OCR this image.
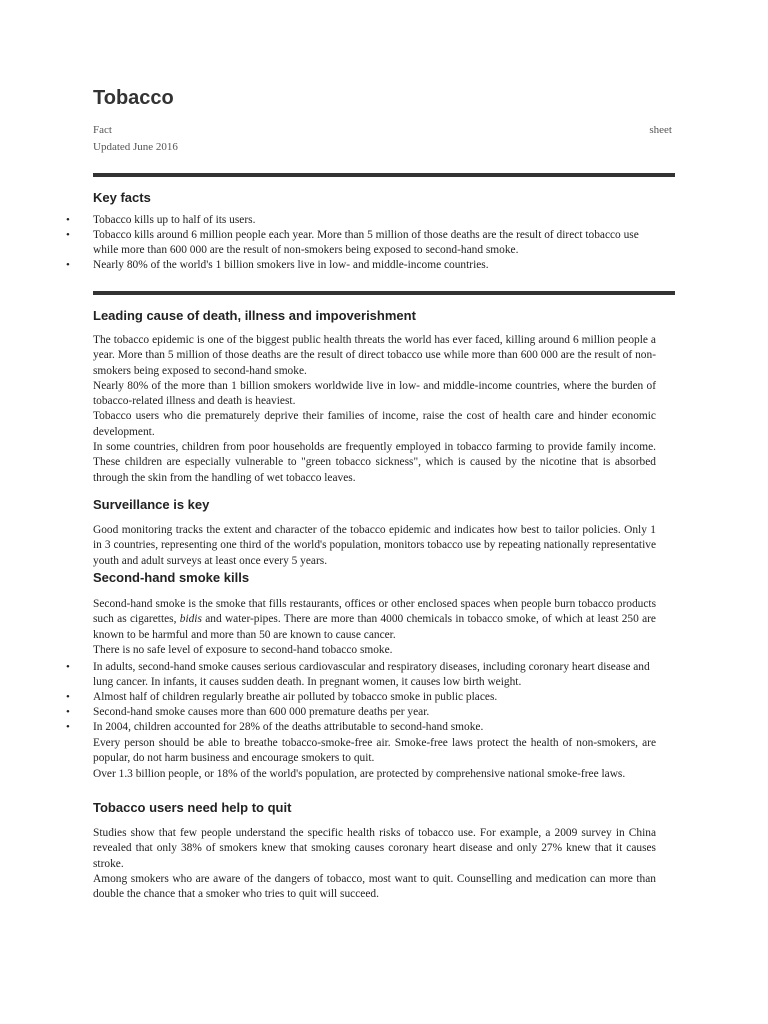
Tobacco
Fact	sheet
Updated June 2016
Key facts
• Tobacco kills up to half of its users.
• Tobacco kills around 6 million people each year. More than 5 million of those deaths are the result of direct tobacco use while more than 600 000 are the result of non-smokers being exposed to second-hand smoke.
• Nearly 80% of the world's 1 billion smokers live in low- and middle-income countries.
Leading cause of death, illness and impoverishment

The tobacco epidemic is one of the biggest public health threats the world has ever faced, killing around 6 million people a year. More than 5 million of those deaths are the result of direct tobacco use while more than 600 000 are the result of non-smokers being exposed to second-hand smoke.

Nearly 80% of the more than 1 billion smokers worldwide live in low- and middle-income countries, where the burden of tobacco-related illness and death is heaviest.

Tobacco users who die prematurely deprive their families of income, raise the cost of health care and hinder economic development.

In some countries, children from poor households are frequently employed in tobacco farming to provide family income. These children are especially vulnerable to "green tobacco sickness", which is caused by the nicotine that is absorbed through the skin from the handling of wet tobacco leaves.

Surveillance is key

Good monitoring tracks the extent and character of the tobacco epidemic and indicates how best to tailor policies. Only 1 in 3 countries, representing one third of the world's population, monitors tobacco use by repeating nationally representative youth and adult surveys at least once every 5 years.

Second-hand smoke kills

Second-hand smoke is the smoke that fills restaurants, offices or other enclosed spaces when people burn tobacco products such as cigarettes, bidis and water-pipes. There are more than 4000 chemicals in tobacco smoke, of which at least 250 are known to be harmful and more than 50 are known to cause cancer.

There is no safe level of exposure to second-hand tobacco smoke.

• In adults, second-hand smoke causes serious cardiovascular and respiratory diseases, including coronary heart disease and lung cancer. In infants, it causes sudden death. In pregnant women, it causes low birth weight.
• Almost half of children regularly breathe air polluted by tobacco smoke in public places.
• Second-hand smoke causes more than 600 000 premature deaths per year.
• In 2004, children accounted for 28% of the deaths attributable to second-hand smoke.

Every person should be able to breathe tobacco-smoke-free air. Smoke-free laws protect the health of non-smokers, are popular, do not harm business and encourage smokers to quit.

Over 1.3 billion people, or 18% of the world's population, are protected by comprehensive national smoke-free laws.

Tobacco users need help to quit

Studies show that few people understand the specific health risks of tobacco use. For example, a 2009 survey in China revealed that only 38% of smokers knew that smoking causes coronary heart disease and only 27% knew that it causes stroke.

Among smokers who are aware of the dangers of tobacco, most want to quit. Counselling and medication can more than double the chance that a smoker who tries to quit will succeed.
